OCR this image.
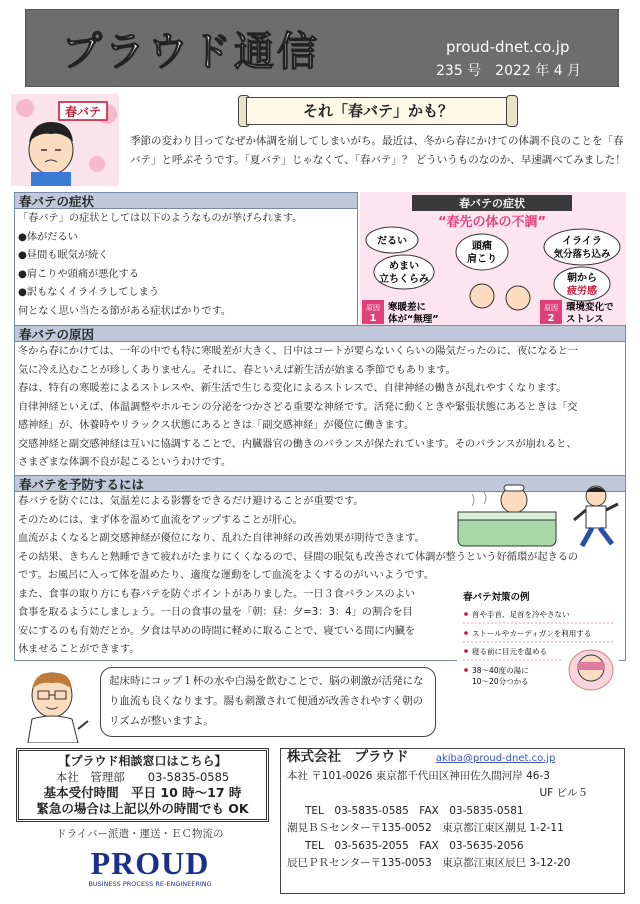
プラウド通信	proud-dnet.co.jp
235 号　2022 年 4 月
春バテ	それ「春バテ」かも？
季節の変わり目ってなぜか体調を崩してしまいがち。最近は、冬から春にかけての体調不良のことを「春バテ」と呼ぶそうです。「夏バテ」じゃなくて、「春バテ」？ どういうものなのか、早速調べてみました！
春バテの症状
「春バテ」の症状としては以下のようなものが挙げられます。
●体がだるい
●昼間も眠気が続く
●肩こりや頭痛が悪化する
●訳もなくイライラしてしまう
何となく思い当たる節がある症状ばかりです。
春バテの症状
“春先の体の不調”
だるい	頭痛
肩こり
イライラ
気分落ち込み
めまい
立ちくらみ	朝から
疲労感
原因
1
寒暖差に
体が“無理”
原因
2
環境変化で
ストレス
春バテの原因
冬から春にかけては、一年の中でも特に寒暖差が大きく、日中はコートが要らないくらいの陽気だったのに、夜になると一
気に冷え込むことが珍しくありません。それに、春といえば新生活が始まる季節でもあります。
春は、特有の寒暖差によるストレスや、新生活で生じる変化によるストレスで、自律神経の働きが乱れやすくなります。
自律神経といえば、体温調整やホルモンの分泌をつかさどる重要な神経です。活発に動くときや緊張状態にあるときは「交
感神経」が、休養時やリラックス状態にあるときは「副交感神経」が優位に働きます。
交感神経と副交感神経は互いに協調することで、内臓器官の働きのバランスが保たれています。そのバランスが崩れると、
さまざまな体調不良が起こるというわけです。
春バテを予防するには
春バテを防ぐには、気温差による影響をできるだけ避けることが重要です。
そのためには、まず体を温めて血流をアップすることが肝心。
血流がよくなると副交感神経が優位になり、乱れた自律神経の改善効果が期待できます。
その結果、きちんと熟睡できて疲れがたまりにくくなるので、昼間の眠気も改善されて体調が整うという好循環が起きるの
です。お風呂に入って体を温めたり、適度な運動をして血流をよくするのがいいようです。
また、食事の取り方にも春バテを防ぐポイントがありました。一日３食バランスのよい
食事を取るようにしましょう。一日の食事の量を「朝：昼：夕=3：3：4」の割合を目
安にするのも有効だとか。夕食は早めの時間に軽めに取ることで、寝ている間に内臓を
休ませることができます。
春バテ対策の例
首や手首、足首を冷やさない
ストールやカーディガンを利用する
寝る前に目元を温める
38～40度の湯に
10～20分つかる
起床時にコップ１杯の水や白湯を飲むことで、脳の刺激が活発になり血流も良くなります。腸も刺激されて便通が改善されやすく朝のリズムが整いますよ。
【プラウド相談窓口はこちら】
本社　管理部　　03-5835-0585
基本受付時間　平日 10 時～17 時
緊急の場合は上記以外の時間でも OK
ドライバー派遣・運送・ＥＣ物流の
PROUD
BUSINESS PROCESS RE-ENGINEERING
株式会社　プラウド	akiba@proud-dnet.co.jp
本社 〒101-0026 東京都千代田区神田佐久間河岸 46-3
UF ビル５
TEL　03-5835-0585　FAX　03-5835-0581
潮見ＢＳセンター〒135-0052　東京都江東区潮見 1-2-11
TEL　03-5635-2055　FAX　03-5635-2056
辰巳ＰＲセンター〒135-0053　東京都江東区辰巳 3-12-20
